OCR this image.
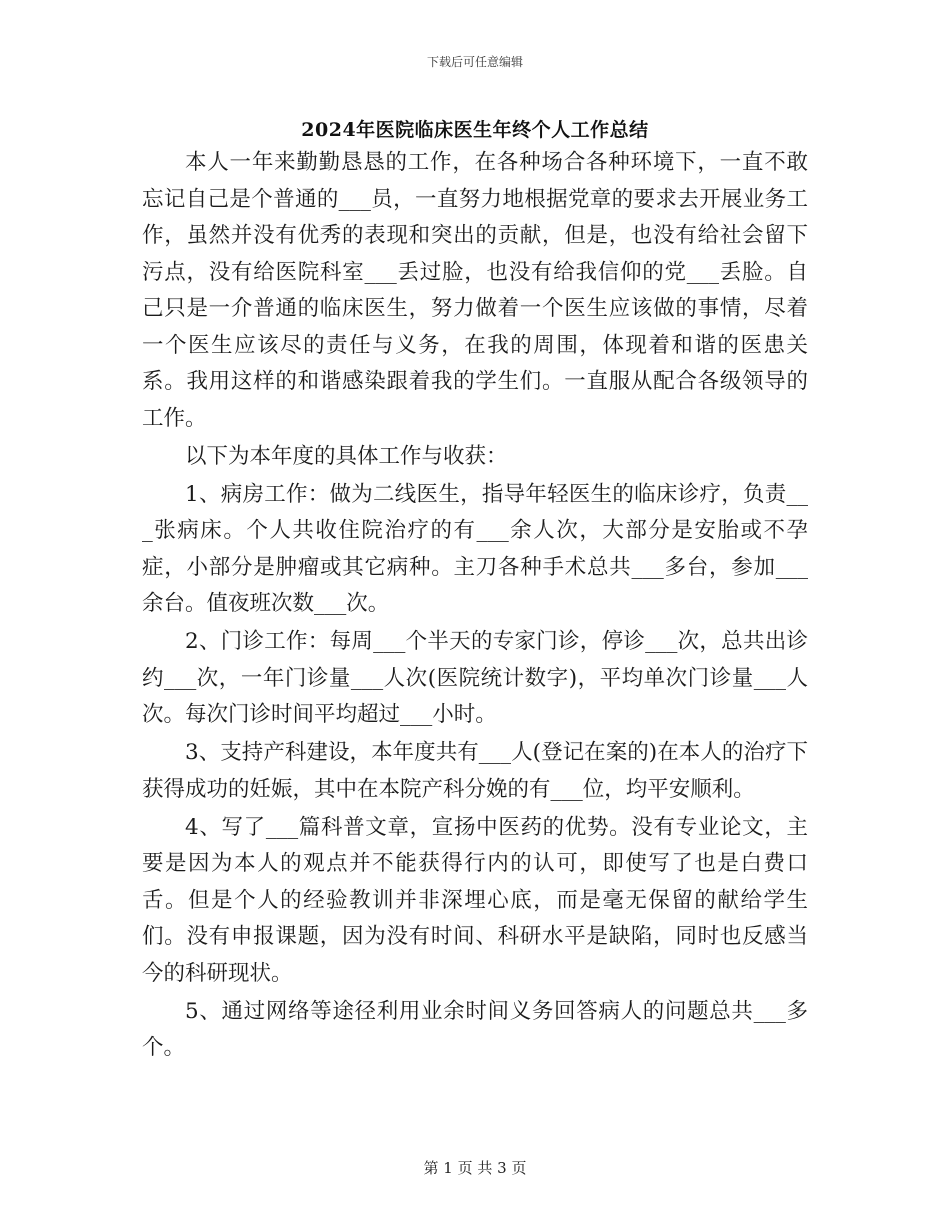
下载后可任意编辑
2024年医院临床医生年终个人工作总结

本人一年来勤勤恳恳的工作，在各种场合各种环境下，一直不敢忘记自己是个普通的___员，一直努力地根据党章的要求去开展业务工作，虽然并没有优秀的表现和突出的贡献，但是，也没有给社会留下污点，没有给医院科室___丢过脸，也没有给我信仰的党___丢脸。自己只是一介普通的临床医生，努力做着一个医生应该做的事情，尽着一个医生应该尽的责任与义务，在我的周围，体现着和谐的医患关系。我用这样的和谐感染跟着我的学生们。一直服从配合各级领导的工作。

以下为本年度的具体工作与收获：

1、病房工作：做为二线医生，指导年轻医生的临床诊疗，负责___张病床。个人共收住院治疗的有___余人次，大部分是安胎或不孕症，小部分是肿瘤或其它病种。主刀各种手术总共___多台，参加___余台。值夜班次数___次。

2、门诊工作：每周___个半天的专家门诊，停诊___次，总共出诊约___次，一年门诊量___人次(医院统计数字)，平均单次门诊量___人次。每次门诊时间平均超过___小时。

3、支持产科建设，本年度共有___人(登记在案的)在本人的治疗下获得成功的妊娠，其中在本院产科分娩的有___位，均平安顺利。

4、写了___篇科普文章，宣扬中医药的优势。没有专业论文，主要是因为本人的观点并不能获得行内的认可，即使写了也是白费口舌。但是个人的经验教训并非深埋心底，而是毫无保留的献给学生们。没有申报课题，因为没有时间、科研水平是缺陷，同时也反感当今的科研现状。

5、通过网络等途径利用业余时间义务回答病人的问题总共___多个。

第 1 页 共 3 页
